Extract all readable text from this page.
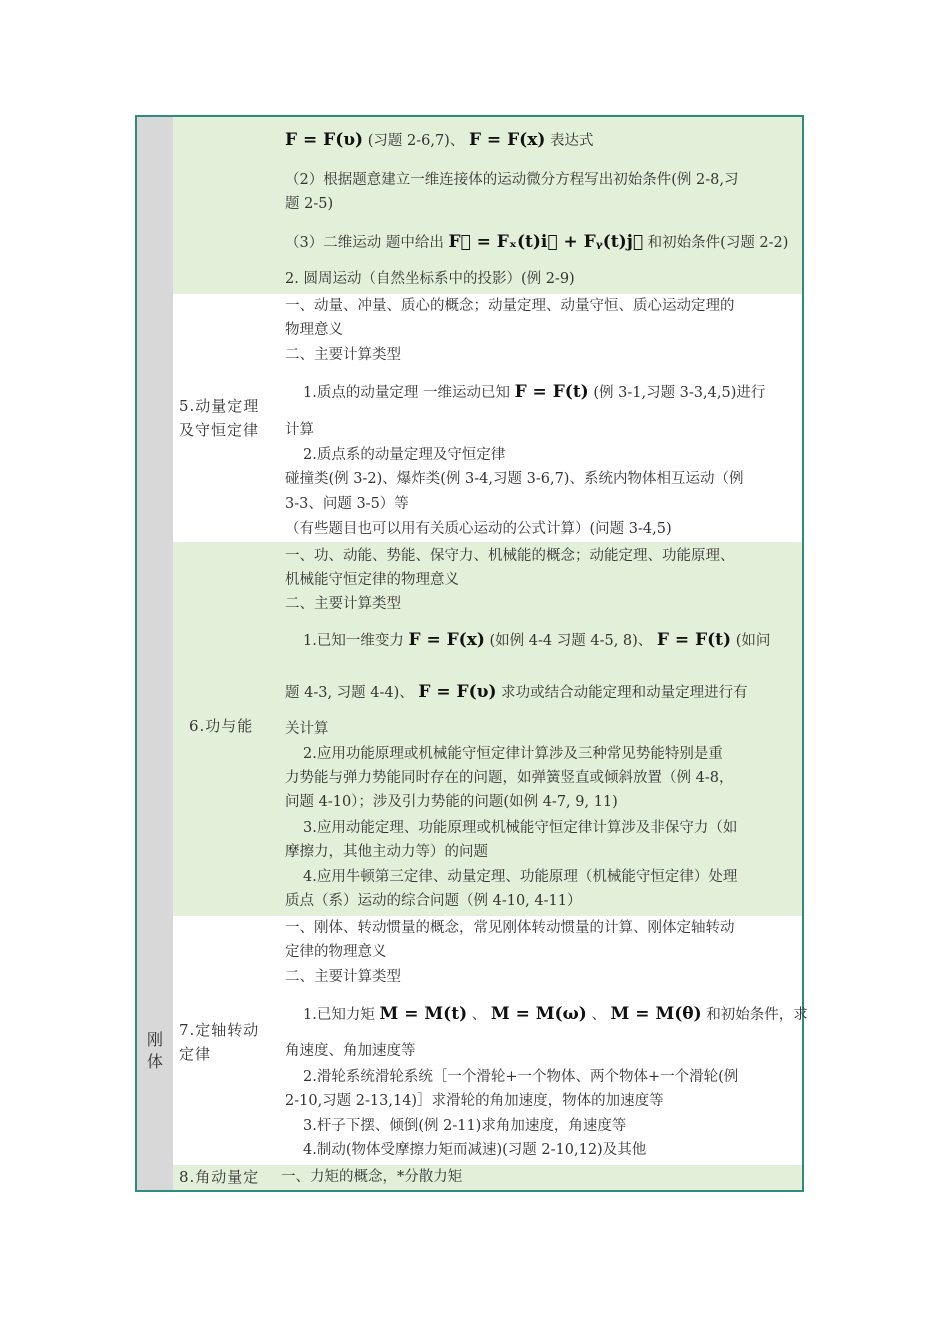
刚
体
F = F(υ) (习题 2-6,7)、 F = F(x) 表达式
（2）根据题意建立一维连接体的运动微分方程写出初始条件(例 2-8,习
题 2-5)
（3）二维运动 题中给出 F⃗ = Fₓ(t)i⃗ + Fᵧ(t)j⃗ 和初始条件(习题 2-2)
2. 圆周运动（自然坐标系中的投影）(例 2-9)
5.动量定理
及守恒定律
一、动量、冲量、质心的概念；动量定理、动量守恒、质心运动定理的
物理意义
二、主要计算类型
1.质点的动量定理 一维运动已知 F = F(t) (例 3-1,习题 3-3,4,5)进行
计算
2.质点系的动量定理及守恒定律
碰撞类(例 3-2)、爆炸类(例 3-4,习题 3-6,7)、系统内物体相互运动（例
3-3、问题 3-5）等
（有些题目也可以用有关质心运动的公式计算）(问题 3-4,5)
6.功与能
一、功、动能、势能、保守力、机械能的概念；动能定理、功能原理、
机械能守恒定律的物理意义
二、主要计算类型
1.已知一维变力 F = F(x) (如例 4-4 习题 4-5, 8)、 F = F(t) (如问
题 4-3, 习题 4-4)、 F = F(υ) 求功或结合动能定理和动量定理进行有
关计算
2.应用功能原理或机械能守恒定律计算涉及三种常见势能特别是重
力势能与弹力势能同时存在的问题，如弹簧竖直或倾斜放置（例 4-8，
问题 4-10）；涉及引力势能的问题(如例 4-7, 9, 11)
3.应用动能定理、功能原理或机械能守恒定律计算涉及非保守力（如
摩擦力，其他主动力等）的问题
4.应用牛顿第三定律、动量定理、功能原理（机械能守恒定律）处理
质点（系）运动的综合问题（例 4-10, 4-11）
7.定轴转动
定律
一、刚体、转动惯量的概念，常见刚体转动惯量的计算、刚体定轴转动
定律的物理意义
二、主要计算类型
1.已知力矩 M = M(t) 、 M = M(ω) 、 M = M(θ) 和初始条件，求
角速度、角加速度等
2.滑轮系统滑轮系统［一个滑轮+一个物体、两个物体+一个滑轮(例
2-10,习题 2-13,14)］求滑轮的角加速度，物体的加速度等
3.杆子下摆、倾倒(例 2-11)求角加速度，角速度等
4.制动(物体受摩擦力矩而减速)(习题 2-10,12)及其他
8.角动量定	一、力矩的概念，*分散力矩
